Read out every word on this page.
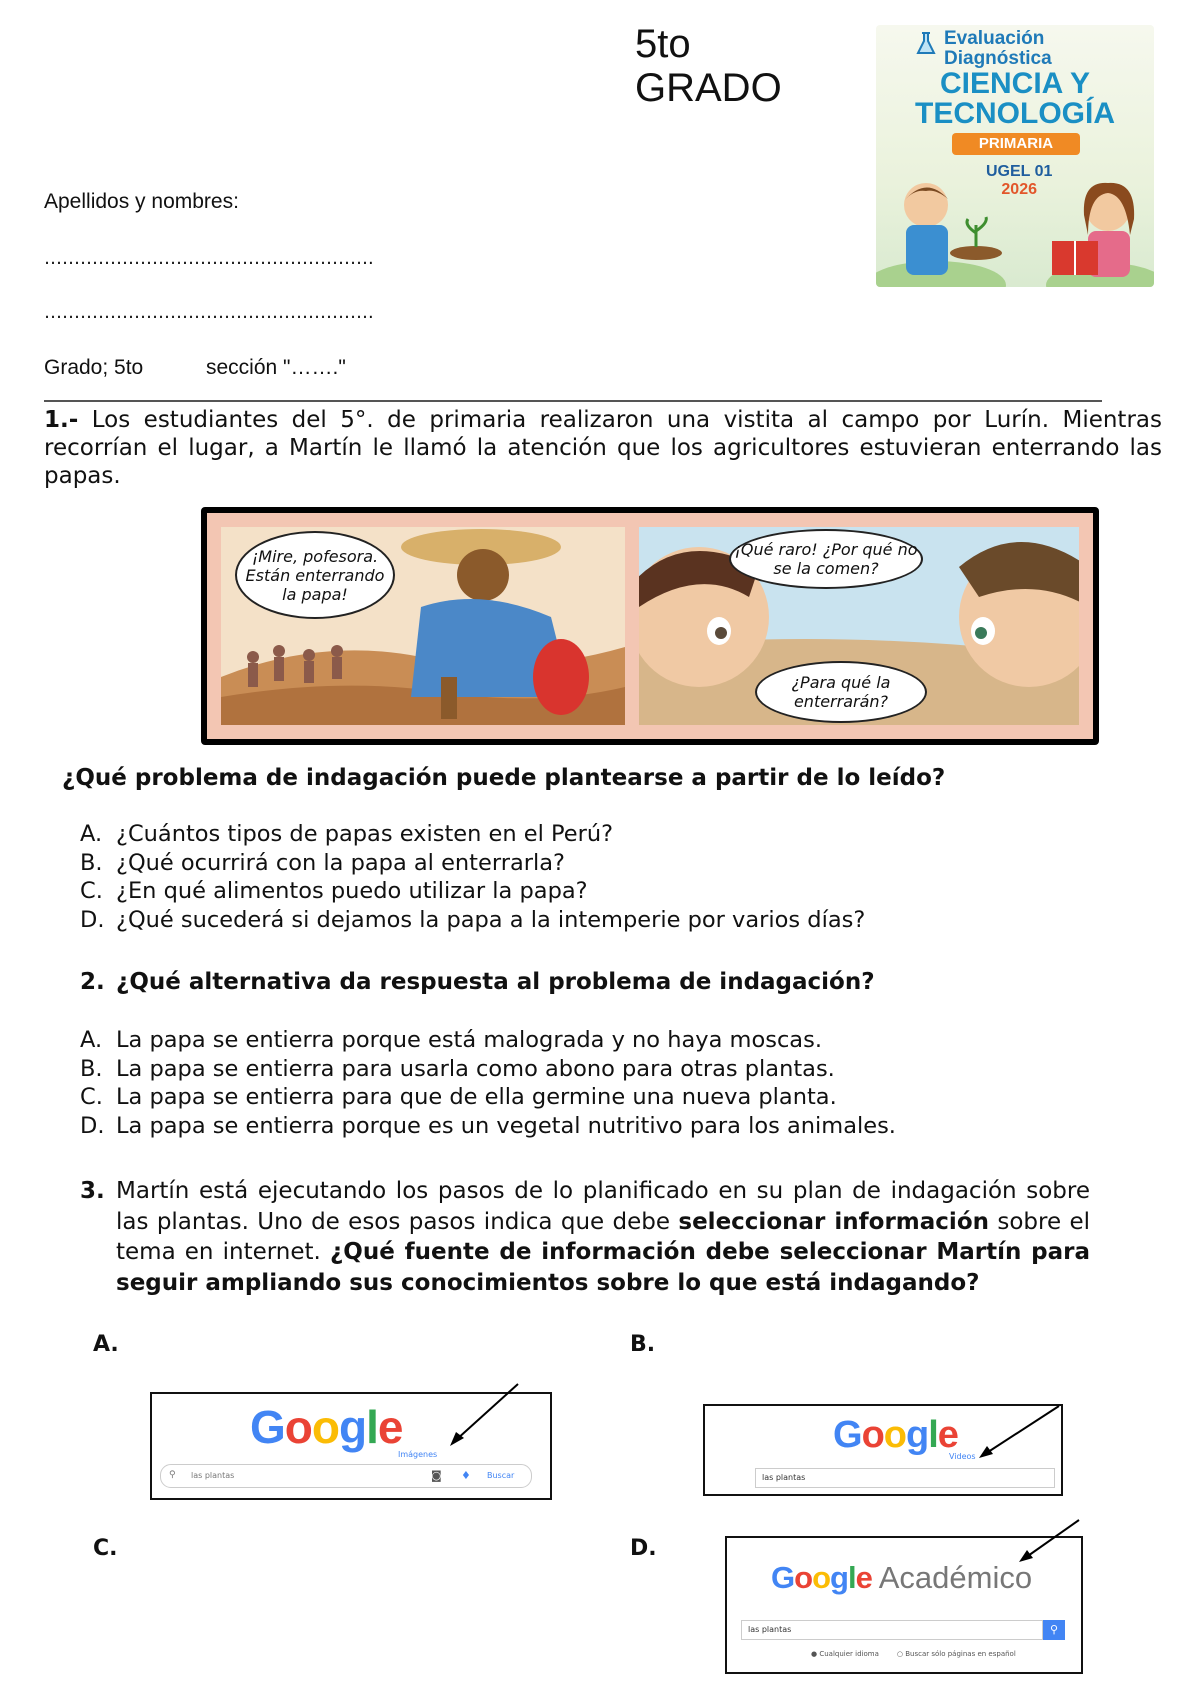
5to
GRADO
Evaluación Diagnóstica
CIENCIA Y
TECNOLOGÍA
PRIMARIA
UGEL 01
2026
Apellidos y nombres:
……………………………………………….
……………………………………………….
Grado; 5to	sección "……."
1.- Los estudiantes del 5°. de primaria realizaron una vistita al campo por Lurín. Mientras recorrían el lugar, a Martín le llamó la atención que los agricultores estuvieran enterrando las papas.
¡Mire, pofesora. Están enterrando la papa!
¡Qué raro! ¿Por qué no se la comen?
¿Para qué la enterrarán?
¿Qué problema de indagación puede plantearse a partir de lo leído?
A. ¿Cuántos tipos de papas existen en el Perú?
B. ¿Qué ocurrirá con la papa al enterrarla?
C. ¿En qué alimentos puedo utilizar la papa?
D. ¿Qué sucederá si dejamos la papa a la intemperie por varios días?
2. ¿Qué alternativa da respuesta al problema de indagación?
A. La papa se entierra porque está malograda y no haya moscas.
B. La papa se entierra para usarla como abono para otras plantas.
C. La papa se entierra para que de ella germine una nueva planta.
D. La papa se entierra porque es un vegetal nutritivo para los animales.
3. Martín está ejecutando los pasos de lo planificado en su plan de indagación sobre las plantas. Uno de esos pasos indica que debe seleccionar información sobre el tema en internet. ¿Qué fuente de información debe seleccionar Martín para seguir ampliando sus conocimientos sobre lo que está indagando?
A.	B.
C.	D.
Google
Imágenes
⚲ las plantas	◙ ♦ Buscar
Google
Videos
las plantas
Google Académico
las plantas	⚲
● Cualquier idioma	○ Buscar sólo páginas en español
